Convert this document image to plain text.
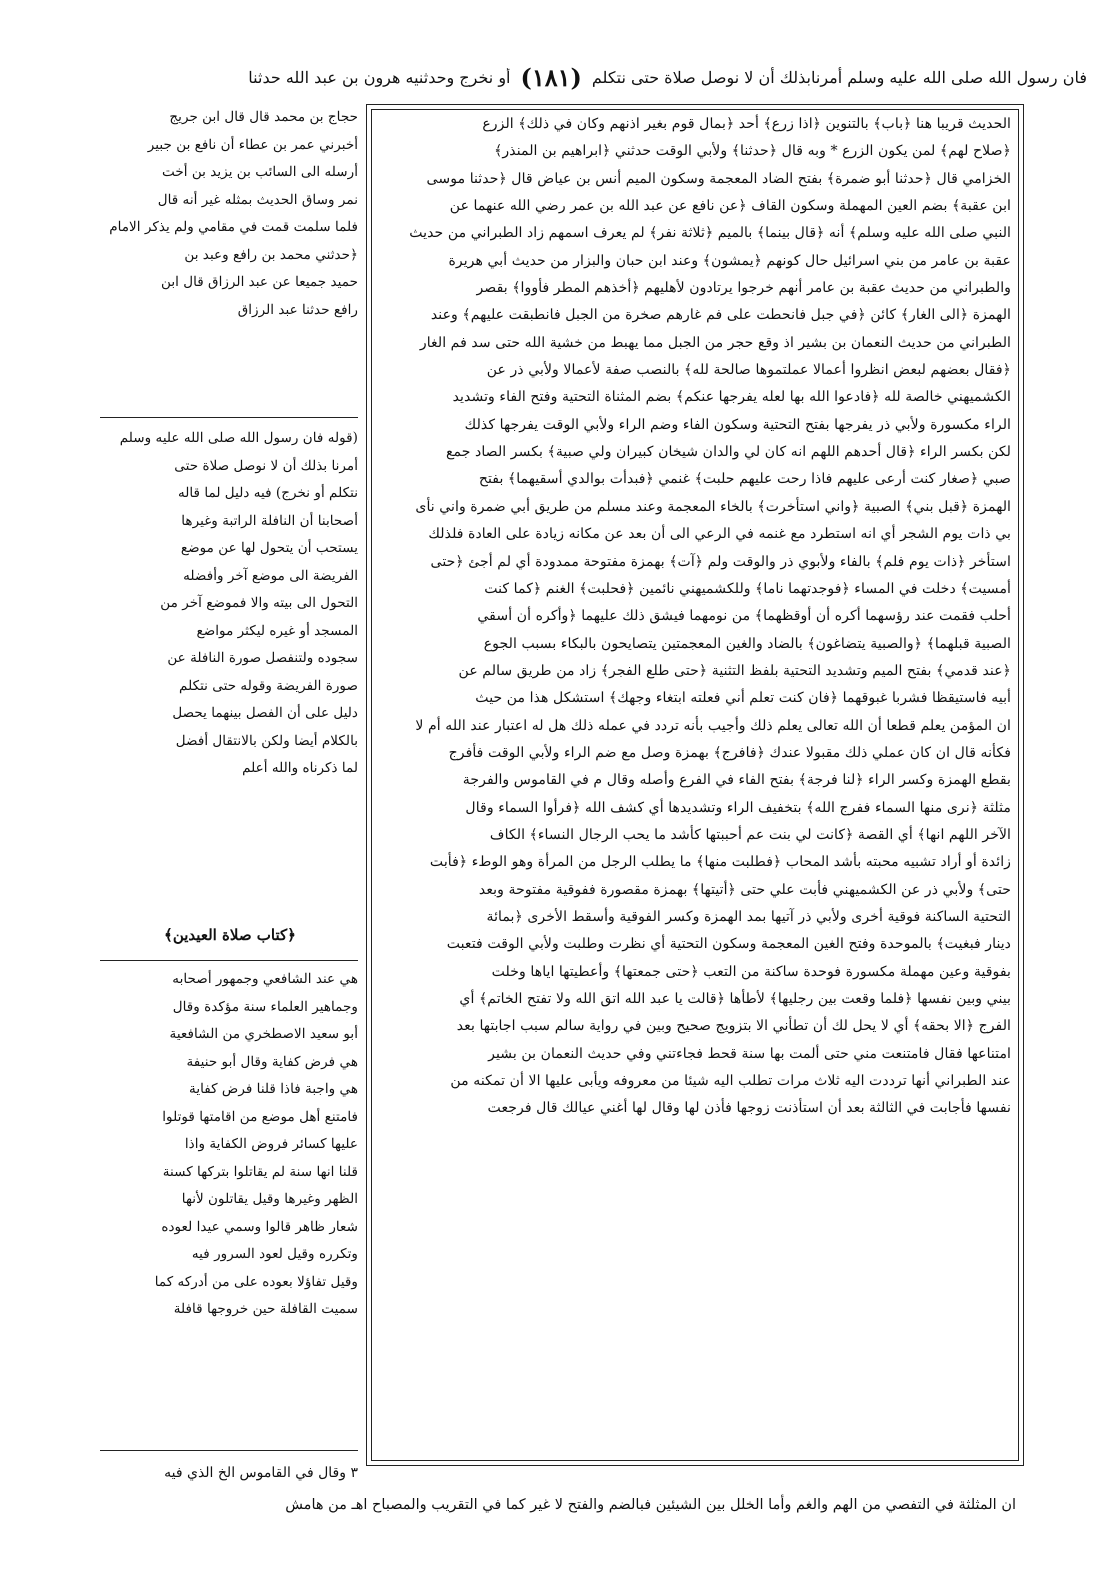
فان رسول الله صلى الله عليه وسلم أمرنابذلك أن لا نوصل صلاة حتى نتكلم
(١٨١)
أو نخرج وحدثنيه هرون بن عبد الله حدثنا
الحديث قريبا هنا ﴿باب﴾ بالتنوين ﴿اذا زرع﴾ أحد ﴿بمال قوم بغير اذنهم وكان في ذلك﴾ الزرع
﴿صلاح لهم﴾ لمن يكون الزرع * وبه قال ﴿حدثنا﴾ ولأبي الوقت حدثني ﴿ابراهيم بن المنذر﴾
الخزامي قال ﴿حدثنا أبو ضمرة﴾ بفتح الضاد المعجمة وسكون الميم أنس بن عياض قال ﴿حدثنا موسى
ابن عقبة﴾ بضم العين المهملة وسكون القاف ﴿عن نافع عن عبد الله بن عمر رضي الله عنهما عن
النبي صلى الله عليه وسلم﴾ أنه ﴿قال بينما﴾ بالميم ﴿ثلاثة نفر﴾ لم يعرف اسمهم زاد الطبراني من حديث
عقبة بن عامر من بني اسرائيل حال كونهم ﴿يمشون﴾ وعند ابن حبان والبزار من حديث أبي هريرة
والطبراني من حديث عقبة بن عامر أنهم خرجوا يرتادون لأهليهم ﴿أخذهم المطر فأووا﴾ بقصر
الهمزة ﴿الى الغار﴾ كائن ﴿في جبل فانحطت على فم غارهم صخرة من الجبل فانطبقت عليهم﴾ وعند
الطبراني من حديث النعمان بن بشير اذ وقع حجر من الجبل مما يهبط من خشية الله حتى سد فم الغار
﴿فقال بعضهم لبعض انظروا أعمالا عملتموها صالحة لله﴾ بالنصب صفة لأعمالا ولأبي ذر عن
الكشميهني خالصة لله ﴿فادعوا الله بها لعله يفرجها عنكم﴾ بضم المثناة التحتية وفتح الفاء وتشديد
الراء مكسورة ولأبي ذر يفرجها بفتح التحتية وسكون الفاء وضم الراء ولأبي الوقت يفرجها كذلك
لكن بكسر الراء ﴿قال أحدهم اللهم انه كان لي والدان شيخان كبيران ولي صبية﴾ بكسر الصاد جمع
صبي ﴿صغار كنت أرعى عليهم فاذا رحت عليهم حلبت﴾ غنمي ﴿فبدأت بوالدي أسقيهما﴾ بفتح
الهمزة ﴿قبل بني﴾ الصبية ﴿واني استأخرت﴾ بالخاء المعجمة وعند مسلم من طريق أبي ضمرة واني نأى
بي ذات يوم الشجر أي انه استطرد مع غنمه في الرعي الى أن بعد عن مكانه زيادة على العادة فلذلك
استأخر ﴿ذات يوم فلم﴾ بالفاء ولأبوي ذر والوقت ولم ﴿آت﴾ بهمزة مفتوحة ممدودة أي لم أجئ ﴿حتى
أمسيت﴾ دخلت في المساء ﴿فوجدتهما ناما﴾ وللكشميهني نائمين ﴿فحلبت﴾ الغنم ﴿كما كنت
أحلب فقمت عند رؤسهما أكره أن أوقظهما﴾ من نومهما فيشق ذلك عليهما ﴿وأكره أن أسقي
الصبية قبلهما﴾ ﴿والصبية يتضاغون﴾ بالضاد والغين المعجمتين يتصايحون بالبكاء بسبب الجوع
﴿عند قدمي﴾ بفتح الميم وتشديد التحتية بلفظ التثنية ﴿حتى طلع الفجر﴾ زاد من طريق سالم عن
أبيه فاستيقظا فشربا غبوقهما ﴿فان كنت تعلم أني فعلته ابتغاء وجهك﴾ استشكل هذا من حيث
ان المؤمن يعلم قطعا أن الله تعالى يعلم ذلك وأجيب بأنه تردد في عمله ذلك هل له اعتبار عند الله أم لا
فكأنه قال ان كان عملي ذلك مقبولا عندك ﴿فافرج﴾ بهمزة وصل مع ضم الراء ولأبي الوقت فأفرج
بقطع الهمزة وكسر الراء ﴿لنا فرجة﴾ بفتح الفاء في الفرع وأصله وقال م في القاموس والفرجة
مثلثة ﴿نرى منها السماء ففرج الله﴾ بتخفيف الراء وتشديدها أي كشف الله ﴿فرأوا السماء وقال
الآخر اللهم انها﴾ أي القصة ﴿كانت لي بنت عم أحببتها كأشد ما يحب الرجال النساء﴾ الكاف
زائدة أو أراد تشبيه محبته بأشد المحاب ﴿فطلبت منها﴾ ما يطلب الرجل من المرأة وهو الوطء ﴿فأبت
حتى﴾ ولأبي ذر عن الكشميهني فأبت علي حتى ﴿أتيتها﴾ بهمزة مقصورة ففوقية مفتوحة وبعد
التحتية الساكنة فوقية أخرى ولأبي ذر آتيها بمد الهمزة وكسر الفوقية وأسقط الأخرى ﴿بمائة
دينار فبغيت﴾ بالموحدة وفتح الغين المعجمة وسكون التحتية أي نظرت وطلبت ولأبي الوقت فتعبت
بفوقية وعين مهملة مكسورة فوحدة ساكنة من التعب ﴿حتى جمعتها﴾ وأعطيتها اياها وخلت
بيني وبين نفسها ﴿فلما وقعت بين رجليها﴾ لأطأها ﴿قالت يا عبد الله اتق الله ولا تفتح الخاتم﴾ أي
الفرج ﴿الا بحقه﴾ أي لا يحل لك أن تطأني الا بتزويج صحيح وبين في رواية سالم سبب اجابتها بعد
امتناعها فقال فامتنعت مني حتى ألمت بها سنة قحط فجاءتني وفي حديث النعمان بن بشير
عند الطبراني أنها ترددت اليه ثلاث مرات تطلب اليه شيئا من معروفه ويأبى عليها الا أن تمكنه من
نفسها فأجابت في الثالثة بعد أن استأذنت زوجها فأذن لها وقال لها أغني عيالك قال فرجعت
حجاج بن محمد قال قال ابن جريج
أخبرني عمر بن عطاء أن نافع بن جبير
أرسله الى السائب بن يزيد بن أخت
نمر وساق الحديث بمثله غير أنه قال
فلما سلمت قمت في مقامي ولم يذكر الامام
﴿حدثني محمد بن رافع وعبد بن
حميد جميعا عن عبد الرزاق قال ابن
رافع حدثنا عبد الرزاق
(قوله فان رسول الله صلى الله عليه وسلم
أمرنا بذلك أن لا نوصل صلاة حتى
نتكلم أو نخرج) فيه دليل لما قاله
أصحابنا أن النافلة الراتبة وغيرها
يستحب أن يتحول لها عن موضع
الفريضة الى موضع آخر وأفضله
التحول الى بيته والا فموضع آخر من
المسجد أو غيره ليكثر مواضع
سجوده ولتنفصل صورة النافلة عن
صورة الفريضة وقوله حتى نتكلم
دليل على أن الفصل بينهما يحصل
بالكلام أيضا ولكن بالانتقال أفضل
لما ذكرناه والله أعلم
﴿كتاب صلاة العيدين﴾
هي عند الشافعي وجمهور أصحابه
وجماهير العلماء سنة مؤكدة وقال
أبو سعيد الاصطخري من الشافعية
هي فرض كفاية وقال أبو حنيفة
هي واجبة فاذا قلنا فرض كفاية
فامتنع أهل موضع من اقامتها قوتلوا
عليها كسائر فروض الكفاية واذا
قلنا انها سنة لم يقاتلوا بتركها كسنة
الظهر وغيرها وقيل يقاتلون لأنها
شعار ظاهر قالوا وسمي عيدا لعوده
وتكرره وقيل لعود السرور فيه
وقيل تفاؤلا بعوده على من أدركه كما
سميت القافلة حين خروجها قافلة
٣ وقال في القاموس الخ الذي فيه
ان المثلثة في التفصي من الهم والغم وأما الخلل بين الشيئين فبالضم والفتح لا غير كما في التقريب والمصباح اهـ من هامش
